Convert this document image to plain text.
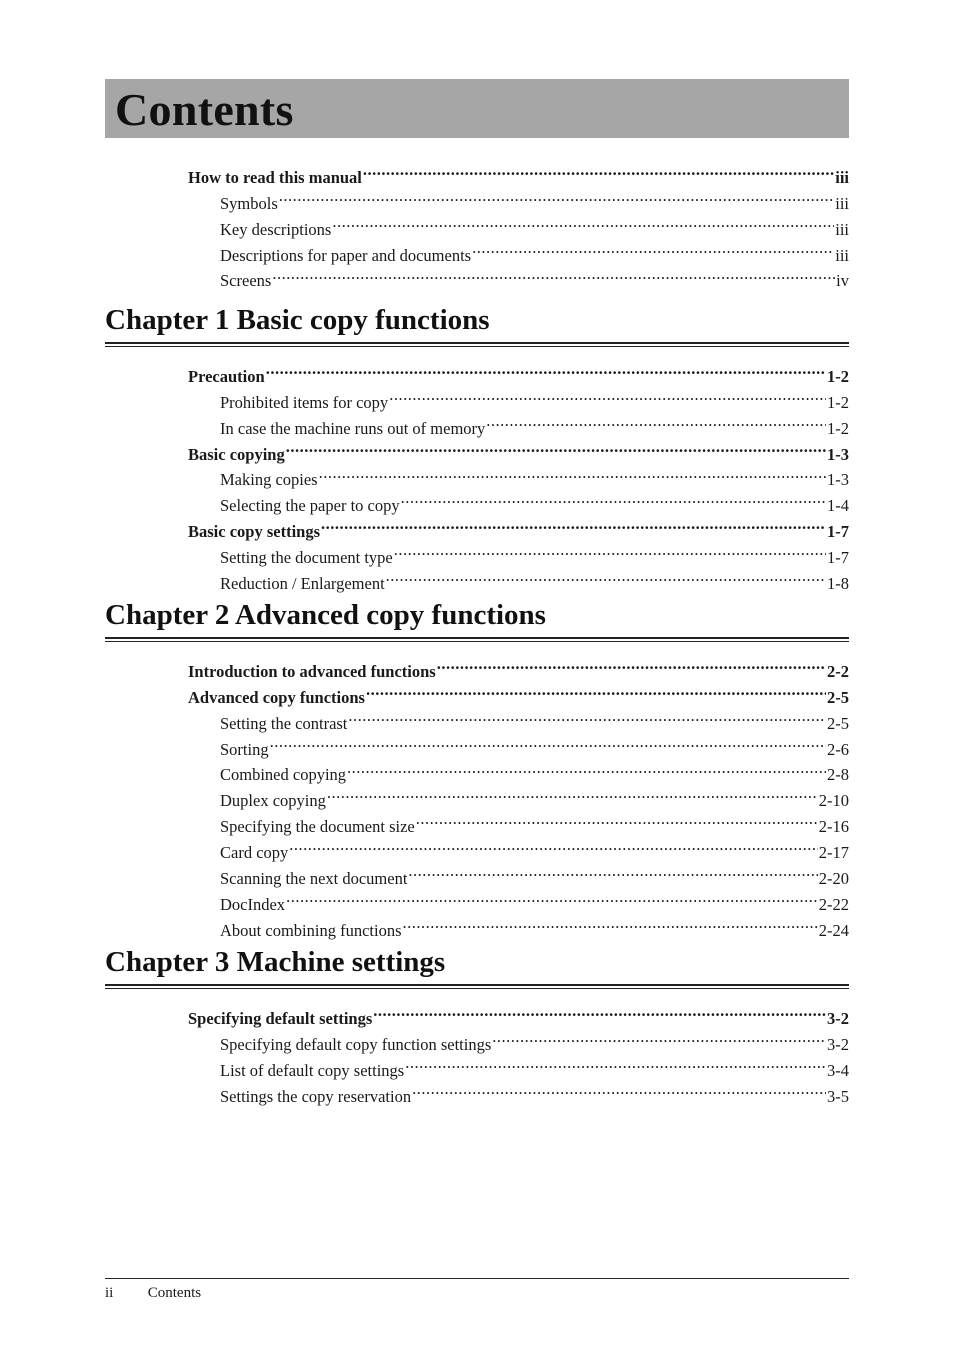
Contents
How to read this manual .....	iii
Symbols .....	iii
Key descriptions .....	iii
Descriptions for paper and documents .....	iii
Screens .....	iv
Chapter 1 Basic copy functions
Precaution .....	1-2
Prohibited items for copy .....	1-2
In case the machine runs out of memory .....	1-2
Basic copying .....	1-3
Making copies .....	1-3
Selecting the paper to copy .....	1-4
Basic copy settings .....	1-7
Setting the document type .....	1-7
Reduction / Enlargement .....	1-8
Chapter 2 Advanced copy functions
Introduction to advanced functions .....	2-2
Advanced copy functions .....	2-5
Setting the contrast .....	2-5
Sorting .....	2-6
Combined copying .....	2-8
Duplex copying .....	2-10
Specifying the document size .....	2-16
Card copy .....	2-17
Scanning the next document .....	2-20
DocIndex .....	2-22
About combining functions .....	2-24
Chapter 3 Machine settings
Specifying default settings .....	3-2
Specifying default copy function settings .....	3-2
List of default copy settings .....	3-4
Settings the copy reservation .....	3-5
ii Contents
